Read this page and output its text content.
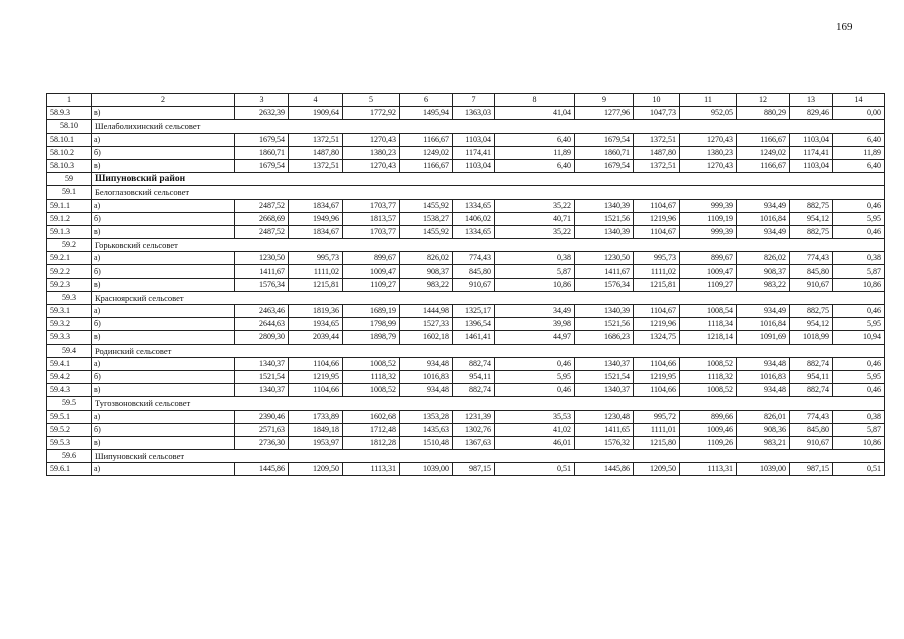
169
1	2	3	4	5	6	7	8	9	10	11	12	13	14
58.9.3	в)	2632,39	1909,64	1772,92	1495,94	1363,03	41,04	1277,96	1047,73	952,05	880,29	829,46	0,00
58.10	Шелаболихинский сельсовет												
58.10.1	а)	1679,54	1372,51	1270,43	1166,67	1103,04	6,40	1679,54	1372,51	1270,43	1166,67	1103,04	6,40
58.10.2	б)	1860,71	1487,80	1380,23	1249,02	1174,41	11,89	1860,71	1487,80	1380,23	1249,02	1174,41	11,89
58.10.3	в)	1679,54	1372,51	1270,43	1166,67	1103,04	6,40	1679,54	1372,51	1270,43	1166,67	1103,04	6,40
59	Шипуновский район												
59.1	Белоглазовский сельсовет												
59.1.1	а)	2487,52	1834,67	1703,77	1455,92	1334,65	35,22	1340,39	1104,67	999,39	934,49	882,75	0,46
59.1.2	б)	2668,69	1949,96	1813,57	1538,27	1406,02	40,71	1521,56	1219,96	1109,19	1016,84	954,12	5,95
59.1.3	в)	2487,52	1834,67	1703,77	1455,92	1334,65	35,22	1340,39	1104,67	999,39	934,49	882,75	0,46
59.2	Горьковский сельсовет												
59.2.1	а)	1230,50	995,73	899,67	826,02	774,43	0,38	1230,50	995,73	899,67	826,02	774,43	0,38
59.2.2	б)	1411,67	1111,02	1009,47	908,37	845,80	5,87	1411,67	1111,02	1009,47	908,37	845,80	5,87
59.2.3	в)	1576,34	1215,81	1109,27	983,22	910,67	10,86	1576,34	1215,81	1109,27	983,22	910,67	10,86
59.3	Красноярский сельсовет												
59.3.1	а)	2463,46	1819,36	1689,19	1444,98	1325,17	34,49	1340,39	1104,67	1008,54	934,49	882,75	0,46
59.3.2	б)	2644,63	1934,65	1798,99	1527,33	1396,54	39,98	1521,56	1219,96	1118,34	1016,84	954,12	5,95
59.3.3	в)	2809,30	2039,44	1898,79	1602,18	1461,41	44,97	1686,23	1324,75	1218,14	1091,69	1018,99	10,94
59.4	Родинский сельсовет												
59.4.1	а)	1340,37	1104,66	1008,52	934,48	882,74	0,46	1340,37	1104,66	1008,52	934,48	882,74	0,46
59.4.2	б)	1521,54	1219,95	1118,32	1016,83	954,11	5,95	1521,54	1219,95	1118,32	1016,83	954,11	5,95
59.4.3	в)	1340,37	1104,66	1008,52	934,48	882,74	0,46	1340,37	1104,66	1008,52	934,48	882,74	0,46
59.5	Тугозвоновский сельсовет												
59.5.1	а)	2390,46	1733,89	1602,68	1353,28	1231,39	35,53	1230,48	995,72	899,66	826,01	774,43	0,38
59.5.2	б)	2571,63	1849,18	1712,48	1435,63	1302,76	41,02	1411,65	1111,01	1009,46	908,36	845,80	5,87
59.5.3	в)	2736,30	1953,97	1812,28	1510,48	1367,63	46,01	1576,32	1215,80	1109,26	983,21	910,67	10,86
59.6	Шипуновский сельсовет												
59.6.1	а)	1445,86	1209,50	1113,31	1039,00	987,15	0,51	1445,86	1209,50	1113,31	1039,00	987,15	0,51
